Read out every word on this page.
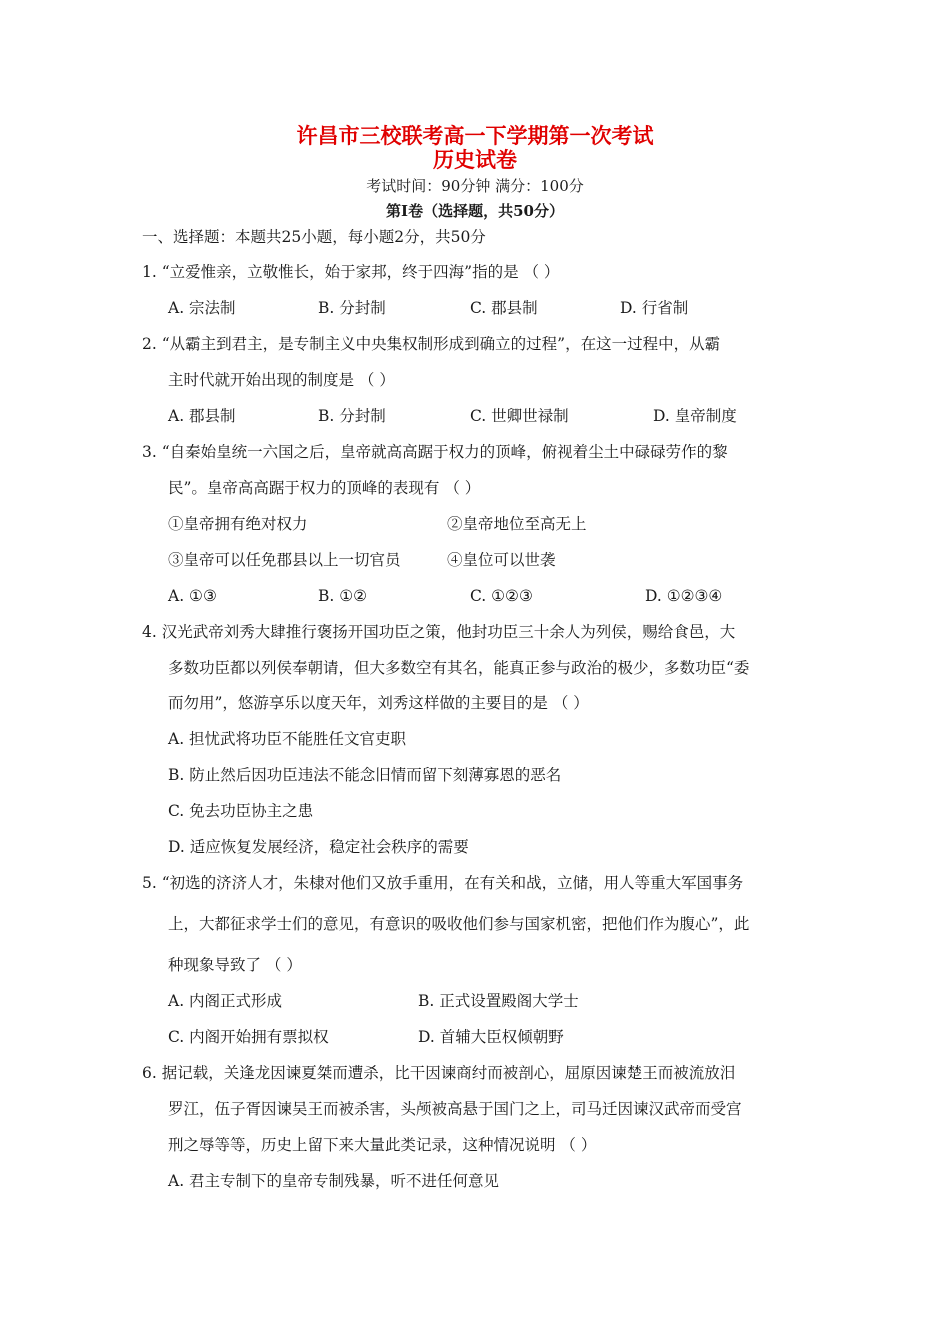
许昌市三校联考高一下学期第一次考试
历史试卷
考试时间：90分钟 满分：100分
第Ⅰ卷（选择题，共50分）
一、选择题：本题共25小题，每小题2分，共50分
1. “立爱惟亲，立敬惟长，始于家邦，终于四海”指的是 （ ）
A. 宗法制	B. 分封制	C. 郡县制	D. 行省制
2. “从霸主到君主，是专制主义中央集权制形成到确立的过程”，在这一过程中，从霸
主时代就开始出现的制度是 （ ）
A. 郡县制	B. 分封制	C. 世卿世禄制	D. 皇帝制度
3. “自秦始皇统一六国之后，皇帝就高高踞于权力的顶峰，俯视着尘土中碌碌劳作的黎
民”。皇帝高高踞于权力的顶峰的表现有 （ ）
①皇帝拥有绝对权力	②皇帝地位至高无上
③皇帝可以任免郡县以上一切官员	④皇位可以世袭
A. ①③	B. ①②	C. ①②③	D. ①②③④
4. 汉光武帝刘秀大肆推行褒扬开国功臣之策，他封功臣三十余人为列侯，赐给食邑，大
多数功臣都以列侯奉朝请，但大多数空有其名，能真正参与政治的极少，多数功臣“委
而勿用”，悠游享乐以度天年，刘秀这样做的主要目的是 （ ）
A. 担忧武将功臣不能胜任文官吏职
B. 防止然后因功臣违法不能念旧情而留下刻薄寡恩的恶名
C. 免去功臣协主之患
D. 适应恢复发展经济，稳定社会秩序的需要
5. “初选的济济人才，朱棣对他们又放手重用，在有关和战，立储，用人等重大军国事务
上，大都征求学士们的意见，有意识的吸收他们参与国家机密，把他们作为腹心”，此
种现象导致了 （ ）
A. 内阁正式形成	B. 正式设置殿阁大学士
C. 内阁开始拥有票拟权	D. 首辅大臣权倾朝野
6. 据记载，关逢龙因谏夏桀而遭杀，比干因谏商纣而被剖心，屈原因谏楚王而被流放汨
罗江，伍子胥因谏吴王而被杀害，头颅被高悬于国门之上，司马迁因谏汉武帝而受宫
刑之辱等等，历史上留下来大量此类记录，这种情况说明 （ ）
A. 君主专制下的皇帝专制残暴，听不进任何意见
